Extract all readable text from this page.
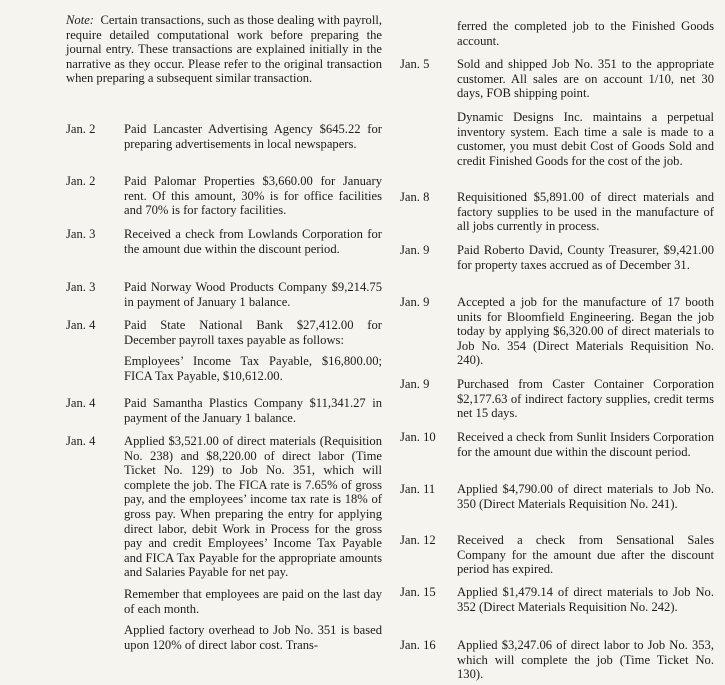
Note: Certain transactions, such as those dealing with payroll, require detailed computational work before preparing the journal entry. These transactions are explained initially in the narrative as they occur. Please refer to the original transaction when preparing a subsequent similar transaction.

Jan. 2 Paid Lancaster Advertising Agency $645.22 for preparing advertisements in local newspapers.

Jan. 2 Paid Palomar Properties $3,660.00 for January rent. Of this amount, 30% is for office facilities and 70% is for factory facilities.

Jan. 3 Received a check from Lowlands Corporation for the amount due within the discount period.

Jan. 3 Paid Norway Wood Products Company $9,214.75 in payment of January 1 balance.

Jan. 4 Paid State National Bank $27,412.00 for December payroll taxes payable as follows:

Employees’ Income Tax Payable, $16,800.00; FICA Tax Payable, $10,612.00.

Jan. 4 Paid Samantha Plastics Company $11,341.27 in payment of the January 1 balance.

Jan. 4 Applied $3,521.00 of direct materials (Requisition No. 238) and $8,220.00 of direct labor (Time Ticket No. 129) to Job No. 351, which will complete the job. The FICA rate is 7.65% of gross pay, and the employees’ income tax rate is 18% of gross pay. When preparing the entry for applying direct labor, debit Work in Process for the gross pay and credit Employees’ Income Tax Payable and FICA Tax Payable for the appropriate amounts and Salaries Payable for net pay.

Remember that employees are paid on the last day of each month.

Applied factory overhead to Job No. 351 is based upon 120% of direct labor cost. Trans-

ferred the completed job to the Finished Goods account.

Jan. 5 Sold and shipped Job No. 351 to the appropriate customer. All sales are on account 1/10, net 30 days, FOB shipping point.

Dynamic Designs Inc. maintains a perpetual inventory system. Each time a sale is made to a customer, you must debit Cost of Goods Sold and credit Finished Goods for the cost of the job.

Jan. 8 Requisitioned $5,891.00 of direct materials and factory supplies to be used in the manufacture of all jobs currently in process.

Jan. 9 Paid Roberto David, County Treasurer, $9,421.00 for property taxes accrued as of December 31.

Jan. 9 Accepted a job for the manufacture of 17 booth units for Bloomfield Engineering. Began the job today by applying $6,320.00 of direct materials to Job No. 354 (Direct Materials Requisition No. 240).

Jan. 9 Purchased from Caster Container Corporation $2,177.63 of indirect factory supplies, credit terms net 15 days.

Jan. 10 Received a check from Sunlit Insiders Corporation for the amount due within the discount period.

Jan. 11 Applied $4,790.00 of direct materials to Job No. 350 (Direct Materials Requisition No. 241).

Jan. 12 Received a check from Sensational Sales Company for the amount due after the discount period has expired.

Jan. 15 Applied $1,479.14 of direct materials to Job No. 352 (Direct Materials Requisition No. 242).

Jan. 16 Applied $3,247.06 of direct labor to Job No. 353, which will complete the job (Time Ticket No. 130).
